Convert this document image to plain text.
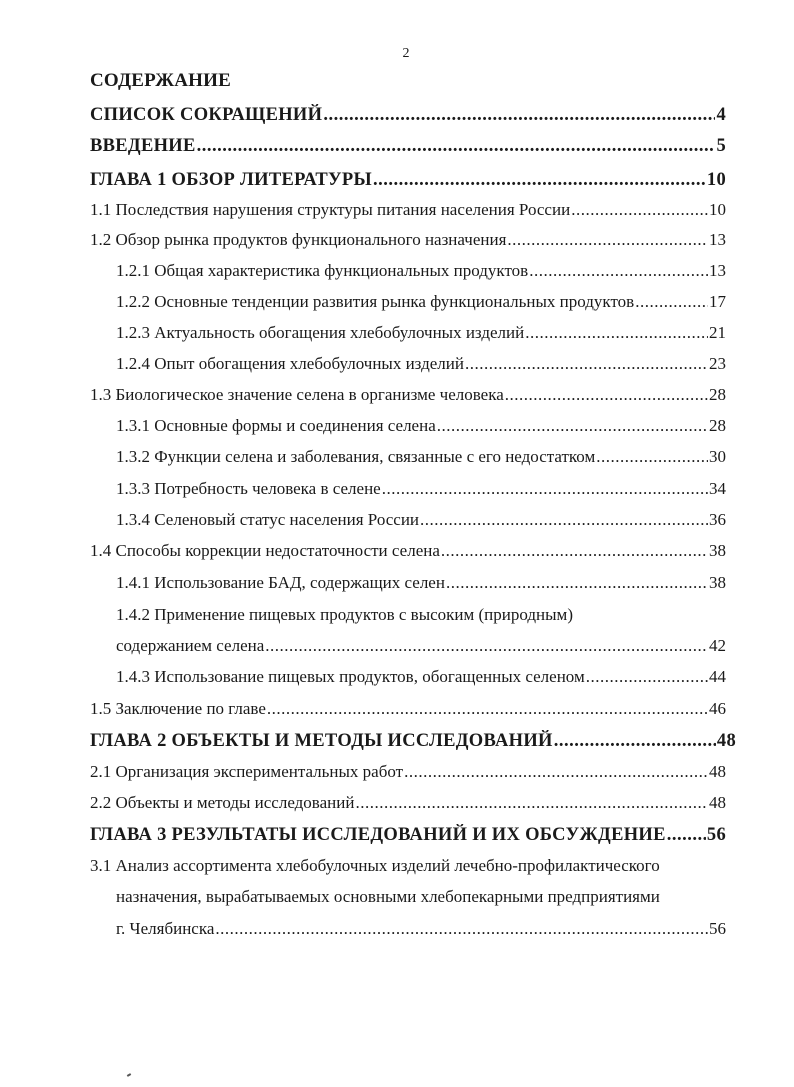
2
СОДЕРЖАНИЕ
СПИСОК СОКРАЩЕНИЙ .....	4
ВВЕДЕНИЕ .....	5
ГЛАВА 1 ОБЗОР ЛИТЕРАТУРЫ .....	10
1.1 Последствия нарушения структуры питания населения России .....	10
1.2 Обзор рынка продуктов функционального назначения .....	13
1.2.1 Общая характеристика функциональных продуктов .....	13
1.2.2 Основные тенденции развития рынка функциональных продуктов .....	17
1.2.3 Актуальность обогащения хлебобулочных изделий .....	21
1.2.4 Опыт обогащения хлебобулочных изделий .....	23
1.3 Биологическое значение селена в организме человека .....	28
1.3.1 Основные формы и соединения селена .....	28
1.3.2 Функции селена и заболевания, связанные с его недостатком .....	30
1.3.3 Потребность человека в селене .....	34
1.3.4 Селеновый статус населения России .....	36
1.4 Способы коррекции недостаточности селена .....	38
1.4.1 Использование БАД, содержащих селен .....	38
1.4.2 Применение пищевых продуктов с высоким (природным)
содержанием селена .....	42
1.4.3 Использование пищевых продуктов, обогащенных селеном .....	44
1.5 Заключение по главе .....	46
ГЛАВА 2 ОБЪЕКТЫ И МЕТОДЫ ИССЛЕДОВАНИЙ .....	48
2.1 Организация экспериментальных работ .....	48
2.2 Объекты и методы исследований .....	48
ГЛАВА 3 РЕЗУЛЬТАТЫ ИССЛЕДОВАНИЙ И ИХ ОБСУЖДЕНИЕ ..... 56
3.1 Анализ ассортимента хлебобулочных изделий лечебно-профилактического
назначения, вырабатываемых основными хлебопекарными предприятиями
г. Челябинска .....	56
